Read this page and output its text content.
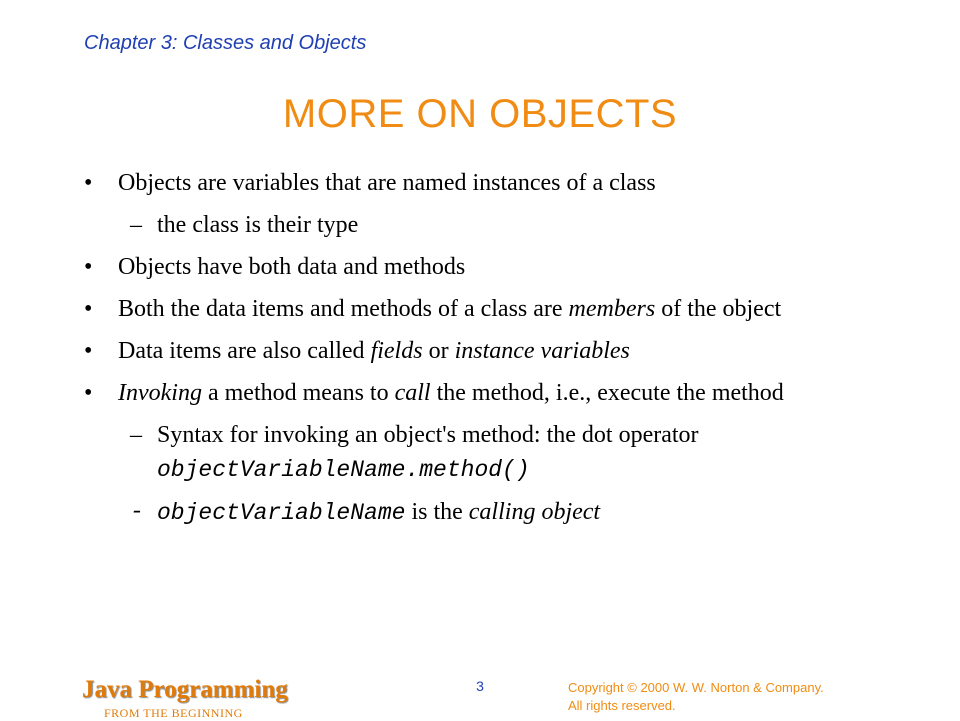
Chapter 3: Classes and Objects
MORE ON OBJECTS
• Objects are variables that are named instances of a class
– the class is their type
• Objects have both data and methods
• Both the data items and methods of a class are members of the object
• Data items are also called fields or instance variables
• Invoking a method means to call the method, i.e., execute the method
– Syntax for invoking an object's method: the dot operator objectVariableName.method()
- objectVariableName is the calling object
Java Programming
FROM THE BEGINNING
3	Copyright © 2000 W. W. Norton & Company.
All rights reserved.
